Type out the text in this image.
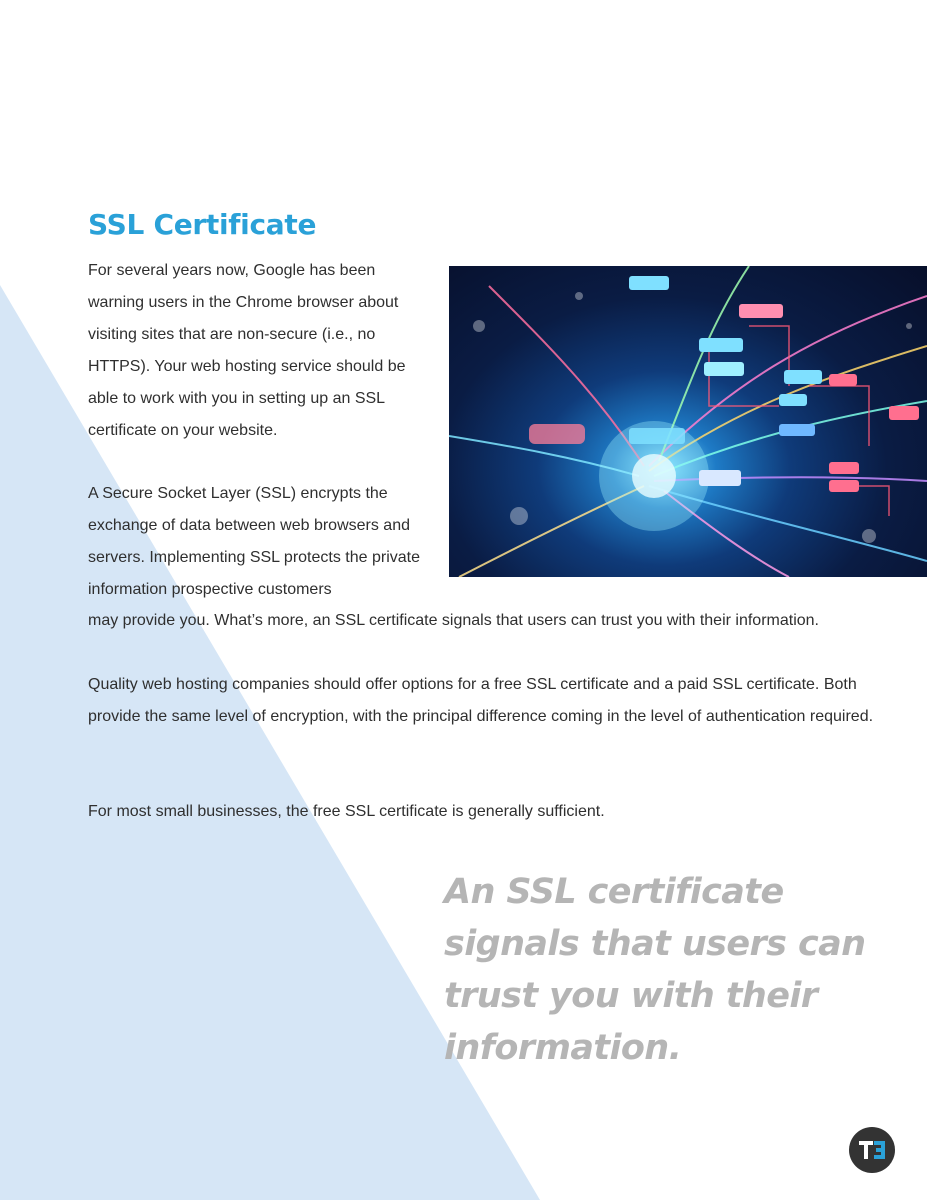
SSL Certificate

For several years now, Google has been warning users in the Chrome browser about visiting sites that are non-secure (i.e., no HTTPS). Your web hosting service should be able to work with you in setting up an SSL certificate on your website.

A Secure Socket Layer (SSL) encrypts the exchange of data between web browsers and servers. Implementing SSL protects the private information prospective customers

may provide you. What’s more, an SSL certificate signals that users can trust you with their information.

Quality web hosting companies should offer options for a free SSL certificate and a paid SSL certificate. Both provide the same level of encryption, with the principal difference coming in the level of authentication required.

For most small businesses, the free SSL certificate is generally sufficient.

An SSL certificate signals that users can trust you with their information.
